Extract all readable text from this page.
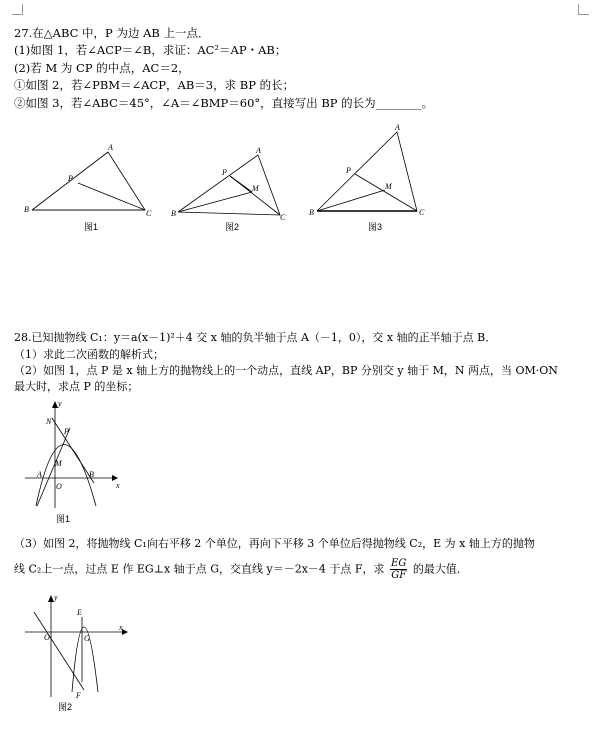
27.在△ABC 中，P 为边 AB 上一点．
(1)如图 1，若∠ACP＝∠B，求证：AC²＝AP・AB；
(2)若 M 为 CP 的中点，AC＝2，
①如图 2，若∠PBM＝∠ACP，AB＝3，求 BP 的长；
②如图 3，若∠ABC＝45°，∠A＝∠BMP＝60°，直接写出 BP 的长为________。
A
B	C
P
图1
A
B	C
P
M
图2
A
B	C
P
M
图3
28.已知抛物线 C₁：y＝a(x－1)²＋4 交 x 轴的负半轴于点 A（－1，0），交 x 轴的正半轴于点 B．
（1）求此二次函数的解析式；
（2）如图 1，点 P 是 x 轴上方的抛物线上的一个动点，直线 AP，BP 分别交 y 轴于 M，N 两点，当 OM·ON
最大时，求点 P 的坐标；
y
x
O
A	B
M
N
P
图1
（3）如图 2，将抛物线 C₁向右平移 2 个单位，再向下平移 3 个单位后得抛物线 C₂，E 为 x 轴上方的抛物
线 C₂上一点，过点 E 作 EG⊥x 轴于点 G，交直线 y＝－2x－4 于点 F，求 $\frac{EG}{GF}$ 的最大值．
y
x
O
E
G
F
图2
